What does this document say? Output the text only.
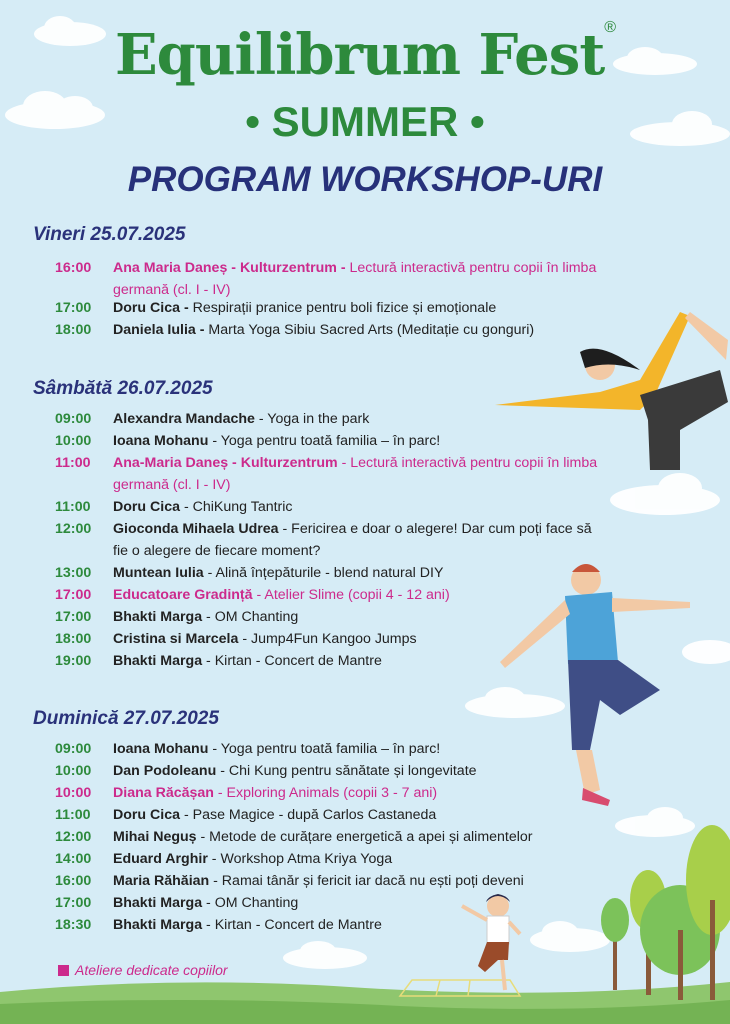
Equilibrum Fest®
• SUMMER •
PROGRAM WORKSHOP-URI
Vineri 25.07.2025
16:00 Ana Maria Daneș - Kulturzentrum - Lectură interactivă pentru copii în limba germană (cl. I - IV)
17:00 Doru Cica - Respirații pranice pentru boli fizice și emoționale
18:00 Daniela Iulia - Marta Yoga Sibiu Sacred Arts (Meditație cu gonguri)
Sâmbătă 26.07.2025
09:00 Alexandra Mandache - Yoga in the park
10:00 Ioana Mohanu - Yoga pentru toată familia – în parc!
11:00 Ana-Maria Daneș - Kulturzentrum - Lectură interactivă pentru copii în limba germană (cl. I - IV)
11:00 Doru Cica - ChiKung Tantric
12:00 Gioconda Mihaela Udrea - Fericirea e doar o alegere! Dar cum poți face să fie o alegere de fiecare moment?
13:00 Muntean Iulia - Alină înțepăturile - blend natural DIY
17:00 Educatoare Gradință - Atelier Slime (copii 4 - 12 ani)
17:00 Bhakti Marga - OM Chanting
18:00 Cristina si Marcela - Jump4Fun Kangoo Jumps
19:00 Bhakti Marga - Kirtan - Concert de Mantre
Duminică 27.07.2025
09:00 Ioana Mohanu - Yoga pentru toată familia – în parc!
10:00 Dan Podoleanu - Chi Kung pentru sănătate și longevitate
10:00 Diana Răcășan - Exploring Animals (copii 3 - 7 ani)
11:00 Doru Cica - Pase Magice - după Carlos Castaneda
12:00 Mihai Neguș - Metode de curățare energetică a apei și alimentelor
14:00 Eduard Arghir - Workshop Atma Kriya Yoga
16:00 Maria Răhăian - Ramai tânăr și fericit iar dacă nu ești poți deveni
17:00 Bhakti Marga - OM Chanting
18:30 Bhakti Marga - Kirtan - Concert de Mantre
Ateliere dedicate copiilor
